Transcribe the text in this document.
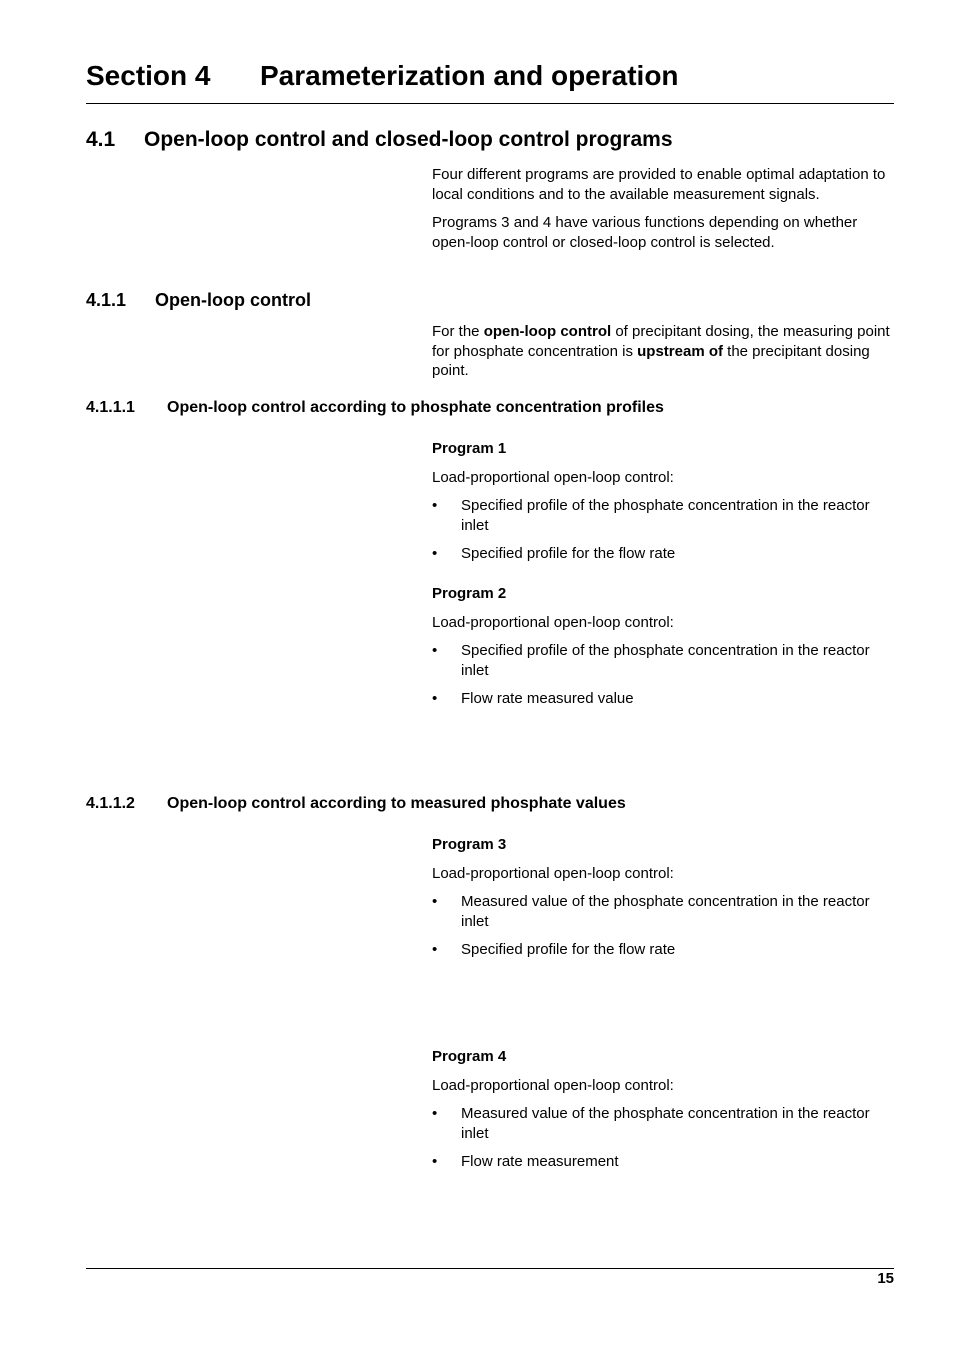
Section 4 Parameterization and operation
4.1 Open-loop control and closed-loop control programs

Four different programs are provided to enable optimal adaptation to local conditions and to the available measurement signals.

Programs 3 and 4 have various functions depending on whether open-loop control or closed-loop control is selected.

4.1.1 Open-loop control

For the open-loop control of precipitant dosing, the measuring point for phosphate concentration is upstream of the precipitant dosing point.

4.1.1.1 Open-loop control according to phosphate concentration profiles

Program 1

Load-proportional open-loop control:

• Specified profile of the phosphate concentration in the reactor inlet
• Specified profile for the flow rate

Program 2

Load-proportional open-loop control:

• Specified profile of the phosphate concentration in the reactor inlet
• Flow rate measured value
4.1.1.2 Open-loop control according to measured phosphate values

Program 3

Load-proportional open-loop control:

• Measured value of the phosphate concentration in the reactor inlet
• Specified profile for the flow rate

Program 4

Load-proportional open-loop control:

• Measured value of the phosphate concentration in the reactor inlet
• Flow rate measurement
15
